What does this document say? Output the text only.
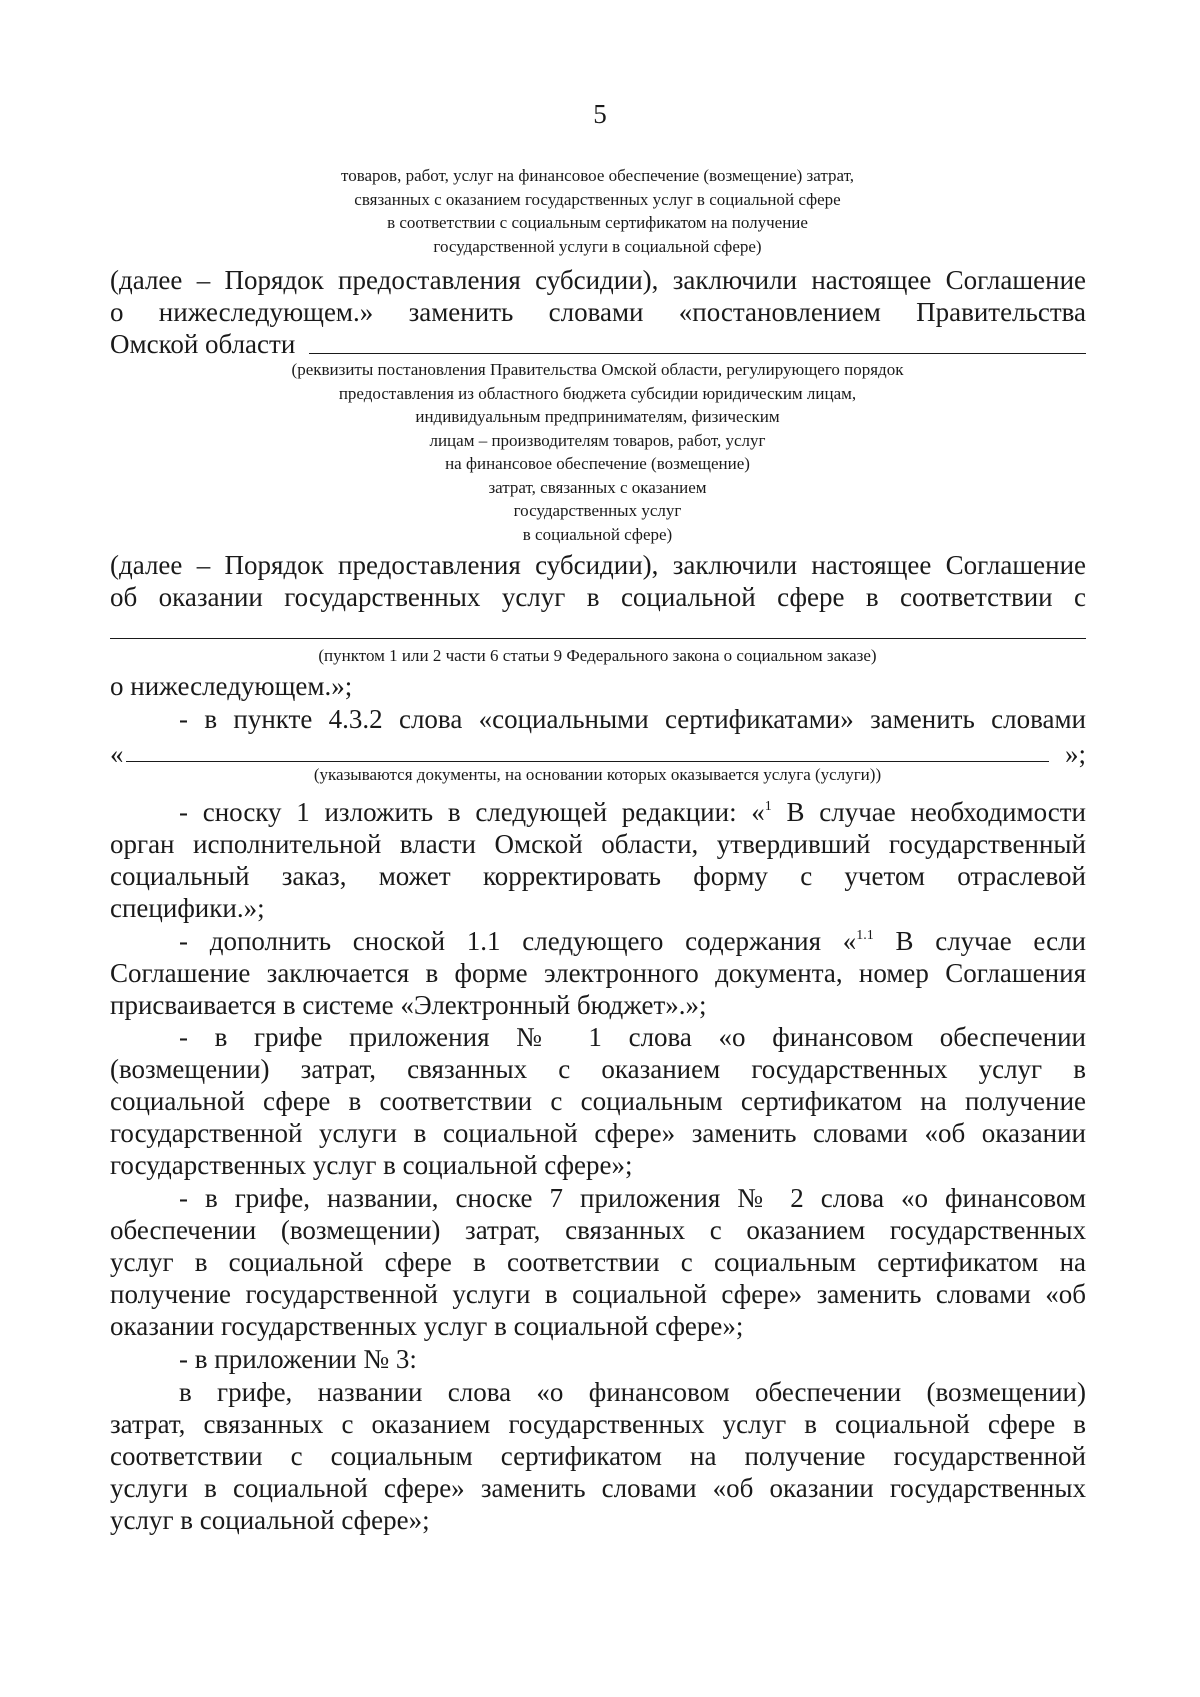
5
товаров, работ, услуг на финансовое обеспечение (возмещение) затрат,
связанных с оказанием государственных услуг в социальной сфере
в соответствии с социальным сертификатом на получение
государственной услуги в социальной сфере)
(далее – Порядок предоставления субсидии), заключили настоящее Соглашение
о нижеследующем.» заменить словами «постановлением Правительства
Омской области
(реквизиты постановления Правительства Омской области, регулирующего порядок
предоставления из областного бюджета субсидии юридическим лицам,
индивидуальным предпринимателям, физическим
лицам – производителям товаров, работ, услуг
на финансовое обеспечение (возмещение)
затрат, связанных с оказанием
государственных услуг
в социальной сфере)
(далее – Порядок предоставления субсидии), заключили настоящее Соглашение
об оказании государственных услуг в социальной сфере в соответствии с
(пунктом 1 или 2 части 6 статьи 9 Федерального закона о социальном заказе)
о нижеследующем.»;
- в пункте 4.3.2 слова «социальными сертификатами» заменить словами
«	»;
(указываются документы, на основании которых оказывается услуга (услуги))
- сноску 1 изложить в следующей редакции: «$^1$ В случае необходимости
орган исполнительной власти Омской области, утвердивший государственный
социальный заказ, может корректировать форму с учетом отраслевой
специфики.»;
- дополнить сноской 1.1 следующего содержания «$^{1.1}$ В случае если
Соглашение заключается в форме электронного документа, номер Соглашения
присваивается в системе «Электронный бюджет».»;
- в грифе приложения № 1 слова «о финансовом обеспечении
(возмещении) затрат, связанных с оказанием государственных услуг в
социальной сфере в соответствии с социальным сертификатом на получение
государственной услуги в социальной сфере» заменить словами «об оказании
государственных услуг в социальной сфере»;
- в грифе, названии, сноске 7 приложения № 2 слова «о финансовом
обеспечении (возмещении) затрат, связанных с оказанием государственных
услуг в социальной сфере в соответствии с социальным сертификатом на
получение государственной услуги в социальной сфере» заменить словами «об
оказании государственных услуг в социальной сфере»;
- в приложении № 3:
в грифе, названии слова «о финансовом обеспечении (возмещении)
затрат, связанных с оказанием государственных услуг в социальной сфере в
соответствии с социальным сертификатом на получение государственной
услуги в социальной сфере» заменить словами «об оказании государственных
услуг в социальной сфере»;
